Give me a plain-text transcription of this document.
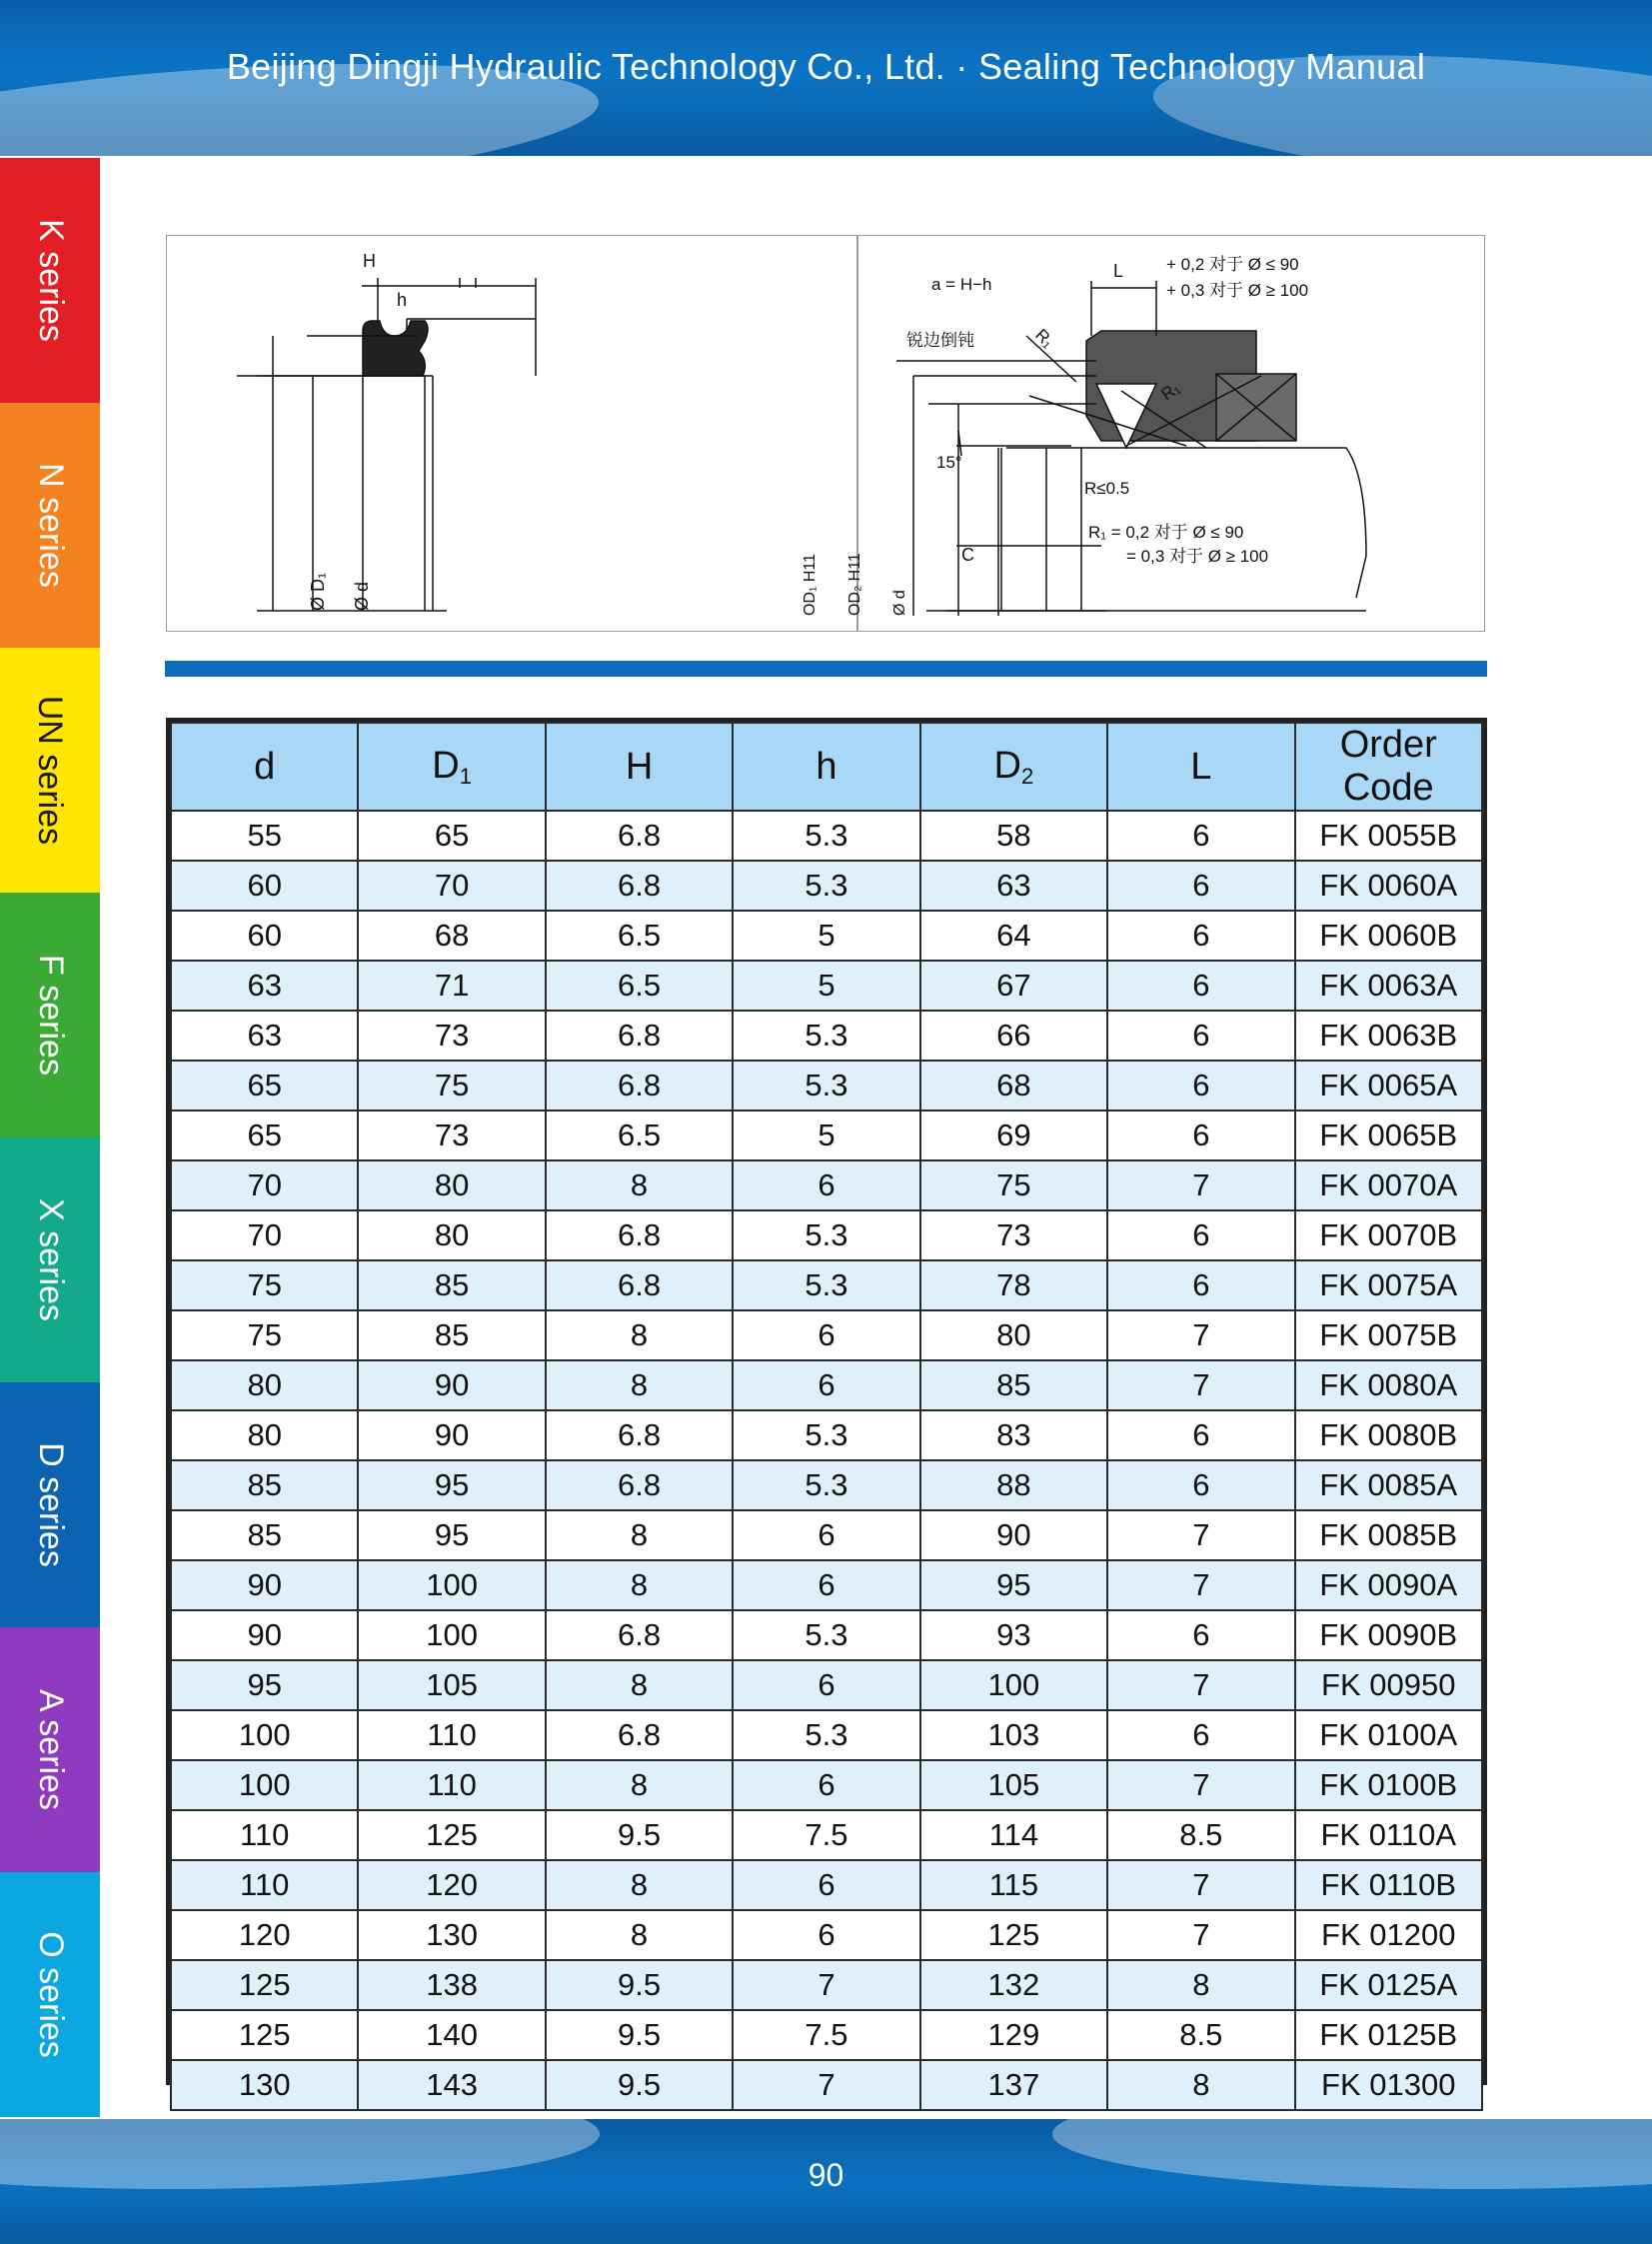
Beijing Dingji Hydraulic Technology Co., Ltd. · Sealing Technology Manual
K series
N series
UN series
F series
X series
D series
A series
O series
H
h
Ø D₁ Ø d
a = H−h
L	+ 0,2 对于 Ø ≤ 90
+ 0,3 对于 Ø ≥ 100
锐边倒钝	R₁
R₁
15°
R≤0.5
R₁ = 0,2 对于 Ø ≤ 90
= 0,3 对于 Ø ≥ 100
C
OD₁ H11 OD₂ H11 Ø d
d	$D_1$	H	h	$D_2$	L	Order Code
55	65	6.8	5.3	58	6	FK 0055B
60	70	6.8	5.3	63	6	FK 0060A
60	68	6.5	5	64	6	FK 0060B
63	71	6.5	5	67	6	FK 0063A
63	73	6.8	5.3	66	6	FK 0063B
65	75	6.8	5.3	68	6	FK 0065A
65	73	6.5	5	69	6	FK 0065B
70	80	8	6	75	7	FK 0070A
70	80	6.8	5.3	73	6	FK 0070B
75	85	6.8	5.3	78	6	FK 0075A
75	85	8	6	80	7	FK 0075B
80	90	8	6	85	7	FK 0080A
80	90	6.8	5.3	83	6	FK 0080B
85	95	6.8	5.3	88	6	FK 0085A
85	95	8	6	90	7	FK 0085B
90	100	8	6	95	7	FK 0090A
90	100	6.8	5.3	93	6	FK 0090B
95	105	8	6	100	7	FK 00950
100	110	6.8	5.3	103	6	FK 0100A
100	110	8	6	105	7	FK 0100B
110	125	9.5	7.5	114	8.5	FK 0110A
110	120	8	6	115	7	FK 0110B
120	130	8	6	125	7	FK 01200
125	138	9.5	7	132	8	FK 0125A
125	140	9.5	7.5	129	8.5	FK 0125B
130	143	9.5	7	137	8	FK 01300
90
